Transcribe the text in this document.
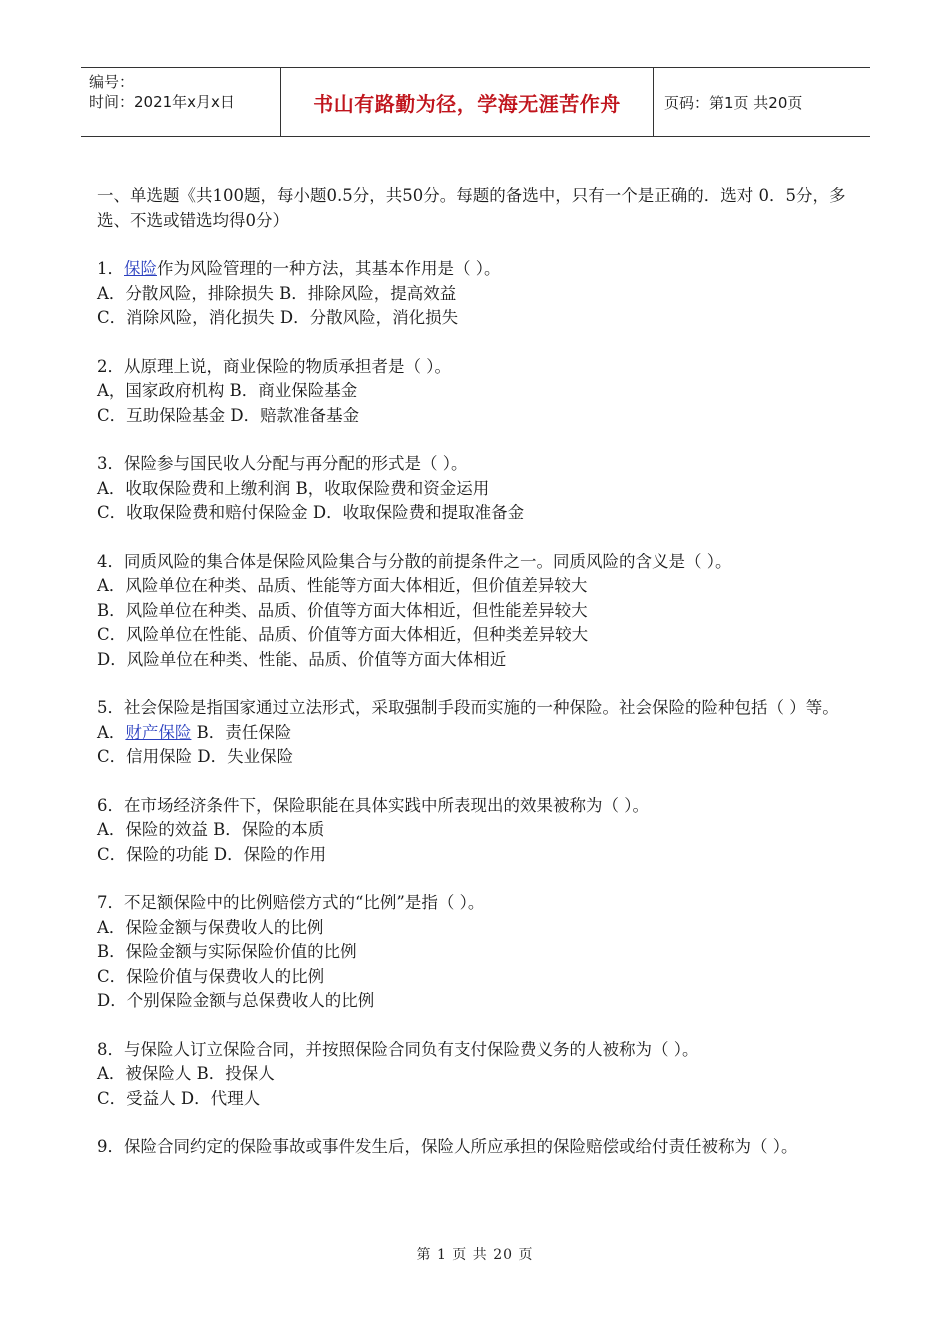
编号：
时间：2021年x月x日	书山有路勤为径，学海无涯苦作舟	页码：第1页 共20页

一、单选题《共100题，每小题0.5分，共50分。每题的备选中，只有一个是正确的．选对 0．5分，多选、不选或错选均得0分）

1．保险作为风险管理的一种方法，其基本作用是（ ）。
A．分散风险，排除损失 B．排除风险，提高效益
C．消除风险，消化损失 D．分散风险，消化损失
2．从原理上说，商业保险的物质承担者是（ ）。
A，国家政府机构 B．商业保险基金
C．互助保险基金 D．赔款准备基金
3．保险参与国民收人分配与再分配的形式是（ ）。
A．收取保险费和上缴利润 B，收取保险费和资金运用
C．收取保险费和赔付保险金 D．收取保险费和提取准备金
4．同质风险的集合体是保险风险集合与分散的前提条件之一。同质风险的含义是（ ）。
A．风险单位在种类、品质、性能等方面大体相近，但价值差异较大
B．风险单位在种类、品质、价值等方面大体相近，但性能差异较大
C．风险单位在性能、品质、价值等方面大体相近，但种类差异较大
D．风险单位在种类、性能、品质、价值等方面大体相近
5．社会保险是指国家通过立法形式，采取强制手段而实施的一种保险。社会保险的险种包括（ ）等。
A．财产保险 B．责任保险
C．信用保险 D．失业保险
6．在市场经济条件下，保险职能在具体实践中所表现出的效果被称为（ ）。
A．保险的效益 B．保险的本质
C．保险的功能 D．保险的作用
7．不足额保险中的比例赔偿方式的“比例”是指（ ）。
A．保险金额与保费收人的比例
B．保险金额与实际保险价值的比例
C．保险价值与保费收人的比例
D．个别保险金额与总保费收人的比例
8．与保险人订立保险合同，并按照保险合同负有支付保险费义务的人被称为（ ）。
A．被保险人 B．投保人
C．受益人 D．代理人
9．保险合同约定的保险事故或事件发生后，保险人所应承担的保险赔偿或给付责任被称为（ ）。
第 1 页 共 20 页
